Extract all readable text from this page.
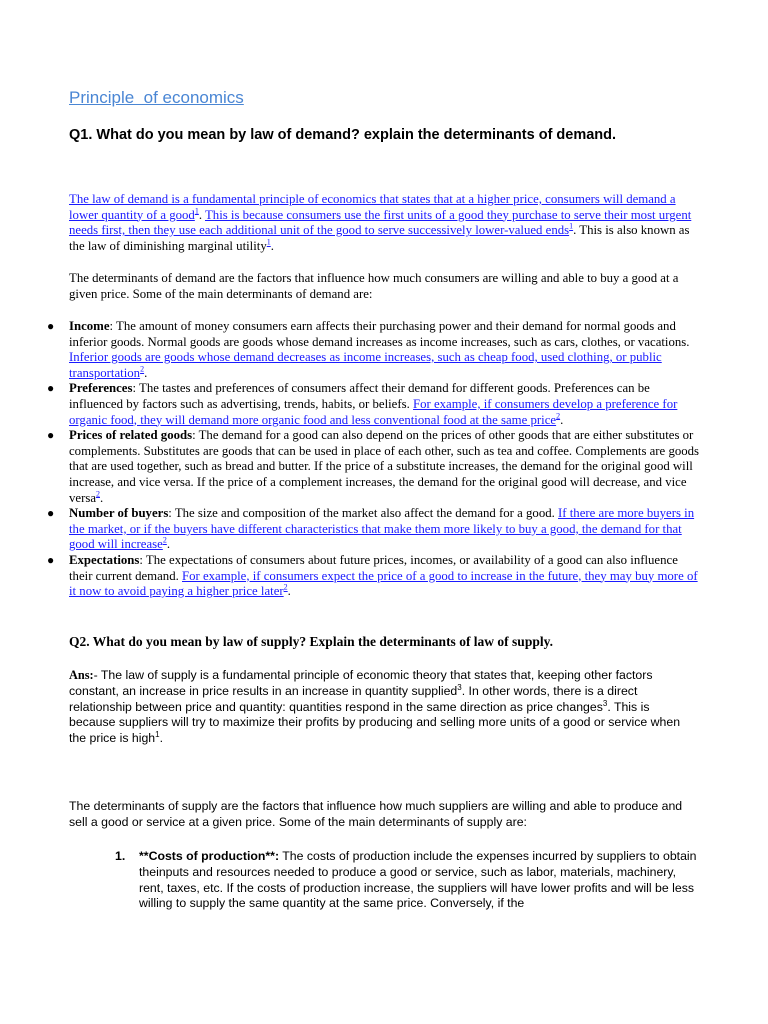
Principle  of economics
Q1. What do you mean by law of demand? explain the determinants of demand.
The law of demand is a fundamental principle of economics that states that at a higher price, consumers will demand a lower quantity of a good$^1$. This is because consumers use the first units of a good they purchase to serve their most urgent needs first, then they use each additional unit of the good to serve successively lower-valued ends$^1$. This is also known as the law of diminishing marginal utility$^1$.
The determinants of demand are the factors that influence how much consumers are willing and able to buy a good at a given price. Some of the main determinants of demand are:
● Income: The amount of money consumers earn affects their purchasing power and their demand for normal goods and inferior goods. Normal goods are goods whose demand increases as income increases, such as cars, clothes, or vacations. Inferior goods are goods whose demand decreases as income increases, such as cheap food, used clothing, or public transportation$^2$.
● Preferences: The tastes and preferences of consumers affect their demand for different goods. Preferences can be influenced by factors such as advertising, trends, habits, or beliefs. For example, if consumers develop a preference for organic food, they will demand more organic food and less conventional food at the same price$^2$.
● Prices of related goods: The demand for a good can also depend on the prices of other goods that are either substitutes or complements. Substitutes are goods that can be used in place of each other, such as tea and coffee. Complements are goods that are used together, such as bread and butter. If the price of a substitute increases, the demand for the original good will increase, and vice versa. If the price of a complement increases, the demand for the original good will decrease, and vice versa$^2$.
● Number of buyers: The size and composition of the market also affect the demand for a good. If there are more buyers in the market, or if the buyers have different characteristics that make them more likely to buy a good, the demand for that good will increase$^2$.
● Expectations: The expectations of consumers about future prices, incomes, or availability of a good can also influence their current demand. For example, if consumers expect the price of a good to increase in the future, they may buy more of it now to avoid paying a higher price later$^2$.
Q2. What do you mean by law of supply? Explain the determinants of law of supply.
Ans:- The law of supply is a fundamental principle of economic theory that states that, keeping other factors constant, an increase in price results in an increase in quantity supplied$^3$. In other words, there is a direct relationship between price and quantity: quantities respond in the same direction as price changes$^3$. This is because suppliers will try to maximize their profits by producing and selling more units of a good or service when the price is high$^1$.
The determinants of supply are the factors that influence how much suppliers are willing and able to produce and sell a good or service at a given price. Some of the main determinants of supply are:
1. **Costs of production**: The costs of production include the expenses incurred by suppliers to obtain theinputs and resources needed to produce a good or service, such as labor, materials, machinery, rent, taxes, etc. If the costs of production increase, the suppliers will have lower profits and will be less willing to supply the same quantity at the same price. Conversely, if the
